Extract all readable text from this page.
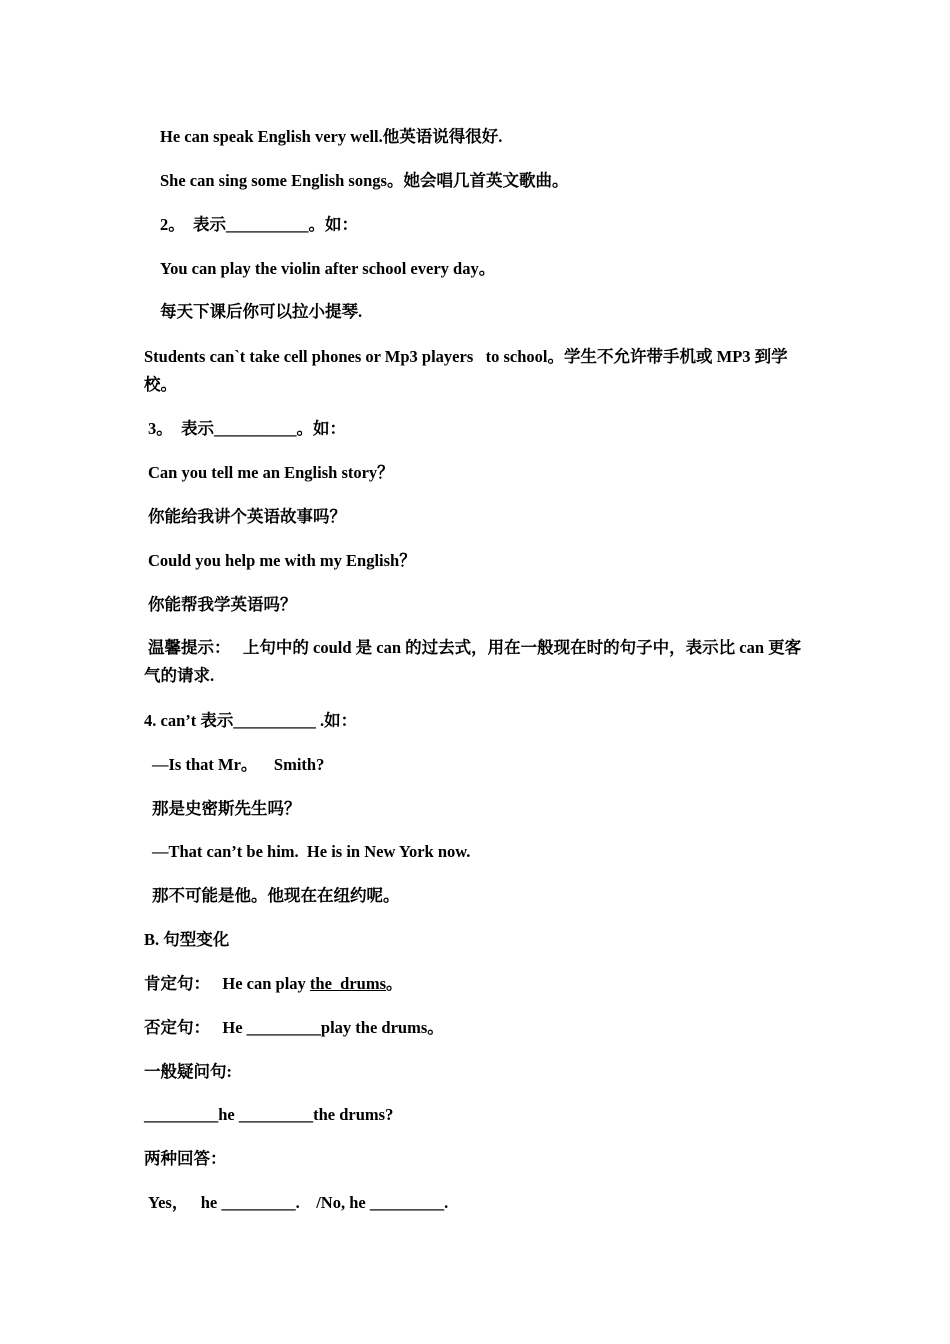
He can speak English very well.他英语说得很好.
She can sing some English songs。她会唱几首英文歌曲。
2。  表示__________。如：
You can play the violin after school every day。
每天下课后你可以拉小提琴.
Students can`t take cell phones or Mp3 players   to school。学生不允许带手机或 MP3 到学校。
3。  表示__________。如：
Can you tell me an English story？
你能给我讲个英语故事吗？
Could you help me with my English？
你能帮我学英语吗？
温馨提示：   上句中的 could 是 can 的过去式，用在一般现在时的句子中，表示比 can 更客气的请求.
4. can’t 表示__________ .如：
—Is that Mr。    Smith?
那是史密斯先生吗？
—That can’t be him.  He is in New York now.
那不可能是他。他现在在纽约呢。
B. 句型变化
肯定句：   He can play the  drums。
否定句：   He _________play the drums。
一般疑问句:
_________he _________the drums?
两种回答：
Yes，   he _________.    /No, he _________.
